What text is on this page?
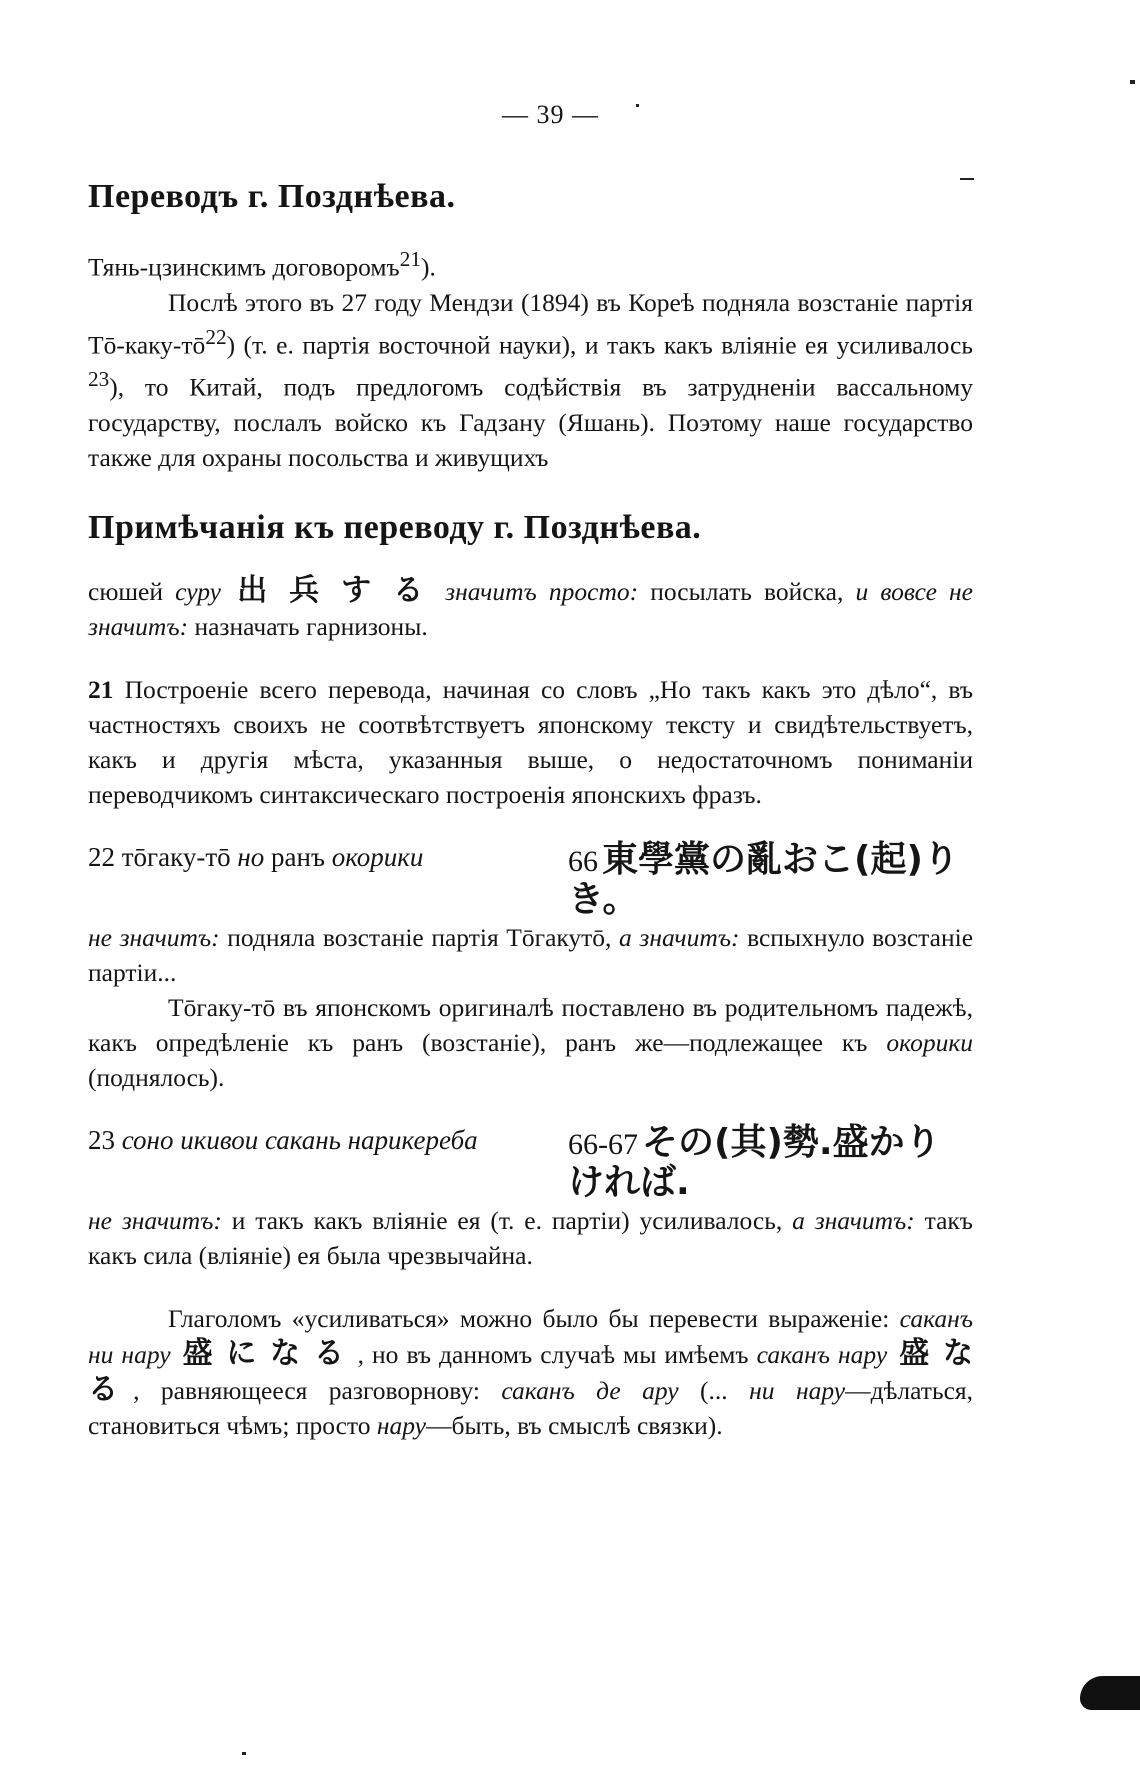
— 39 —
Переводъ г. Позднѣева.

Тянь-цзинскимъ договоромъ$^{21}$).

Послѣ этого въ 27 году Мендзи (1894) въ Кореѣ подняла возстаніе партія $Тō-каку-тō^{22}$) (т. е. партія восточной науки), и такъ какъ вліяніе ея усиливалось $^{23}$), то Китай, подъ предлогомъ содѣйствія въ затрудненіи вассальному государству, послалъ войско къ Гадзану (Яшань). Поэтому наше государство также для охраны посольства и живущихъ

Примѣчанія къ переводу г. Позднѣева.

сюшей суру 出 兵 す る значитъ просто: посылать войска, и вовсе не значитъ: назначать гарнизоны.

21 Построеніе всего перевода, начиная со словъ „Но такъ какъ это дѣло“, въ частностяхъ своихъ не соотвѣтствуетъ японскому тексту и свидѣтельствуетъ, какъ и другія мѣста, указанныя выше, о недостаточномъ пониманіи переводчикомъ синтаксическаго построенія японскихъ фразъ.

22 тōгаку-тō но ранъ окорики	66 東學黨の亂おこ(起)りき。

не значитъ: подняла возстаніе партія Тōгакутō, а значитъ: вспыхнуло возстаніе партіи...

Тōгаку-тō въ японскомъ оригиналѣ поставлено въ родительномъ падежѣ, какъ опредѣленіе къ ранъ (возстаніе), ранъ же—подлежащее къ окорики (поднялось).

23 соно икивои сакань нарикереба	66-67 その(其)勢.盛かりければ.

не значитъ: и такъ какъ вліяніе ея (т. е. партіи) усиливалось, а значитъ: такъ какъ сила (вліяніе) ея была чрезвычайна.

Глаголомъ «усиливаться» можно было бы перевести выраженіе: саканъ ни нару 盛 に な る , но въ данномъ случаѣ мы имѣемъ саканъ нару 盛 な る, равняющееся разговорнову: саканъ де ару (... ни нару—дѣлаться, становиться чѣмъ; просто нару—быть, въ смыслѣ связки).
